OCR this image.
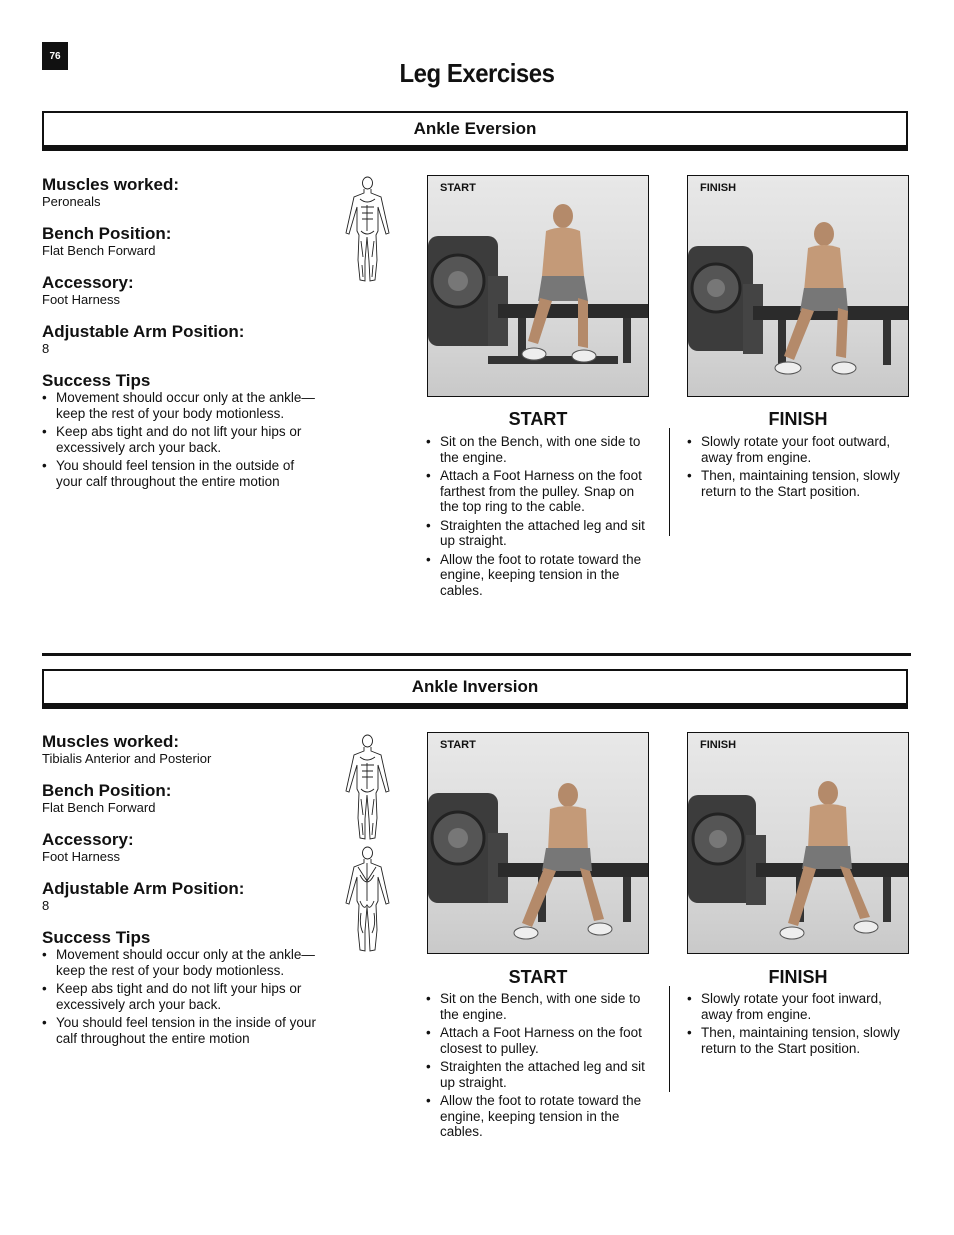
76
Leg Exercises
Ankle Eversion

Muscles worked:

Peroneals

Bench Position:

Flat Bench Forward

Accessory:

Foot Harness

Adjustable Arm Position:

8

Success Tips

• Movement should occur only at the ankle—keep the rest of your body motionless.
• Keep abs tight and do not lift your hips or excessively arch your back.
• You should feel tension in the outside of your calf throughout the entire motion
START	FINISH
START	FINISH
• Sit on the Bench, with one side to the engine.
• Attach a Foot Harness on the foot farthest from the pulley. Snap on the top ring to the cable.
• Straighten the attached leg and sit up straight.
• Allow the foot to rotate toward the engine, keeping tension in the cables.
• Slowly rotate your foot outward, away from engine.
• Then, maintaining tension, slowly return to the Start position.
Ankle Inversion

Muscles worked:

Tibialis Anterior and Posterior

Bench Position:

Flat Bench Forward

Accessory:

Foot Harness

Adjustable Arm Position:

8

Success Tips

• Movement should occur only at the ankle—keep the rest of your body motionless.
• Keep abs tight and do not lift your hips or excessively arch your back.
• You should feel tension in the inside of your calf throughout the entire motion
START	FINISH
START	FINISH
• Sit on the Bench, with one side to the engine.
• Attach a Foot Harness on the foot closest to pulley.
• Straighten the attached leg and sit up straight.
• Allow the foot to rotate toward the engine, keeping tension in the cables.
• Slowly rotate your foot inward, away from engine.
• Then, maintaining tension, slowly return to the Start position.
